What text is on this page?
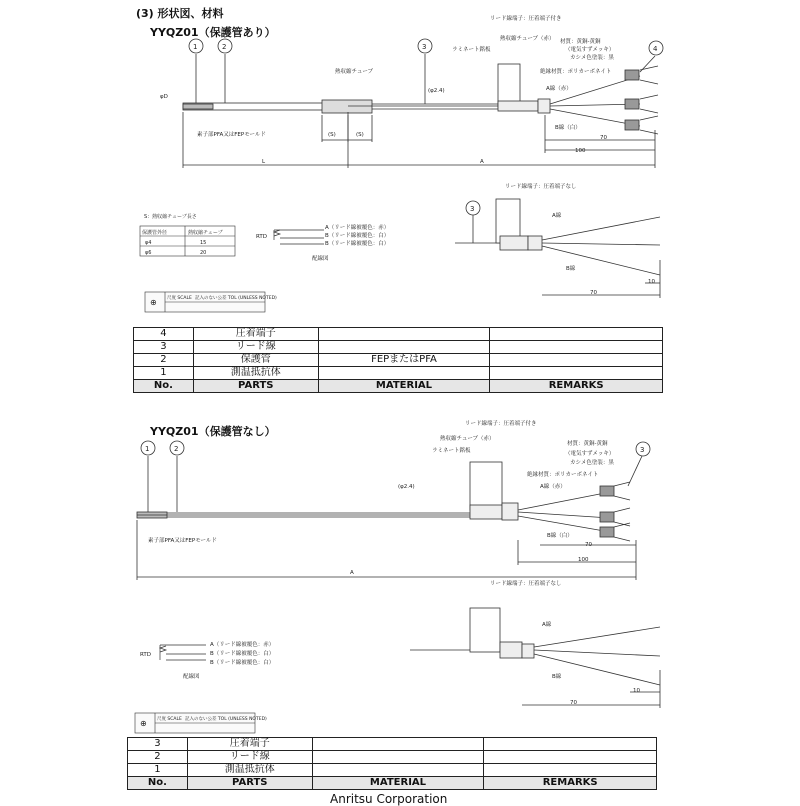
(3) 形状図、材料
YYQZ01（保護管あり）
1	2	3	4
リード線端子：圧着端子付き
熱収縮チューブ（赤）
ラミネート銘板
熱収縮チューブ
材質：黄銅-黄銅
（電気すずメッキ）
カシメ色塗装：黒
絶縁材質：ポリカーボネイト
A線（赤）
B線（白）
素子部PFA又はFEPモールド
φD
(φ2.4)
(S)	(S)
L	A
70
100
リード線端子：圧着端子なし
A線
B線
70
10
3
S：熱収縮チューブ長さ
保護管外径	熱収縮チューブ
φ4	15
φ6	20
RTD
A（リード線被覆色：赤）
B（リード線被覆色：白）
B（リード線被覆色：白）
配線図
1	2	3
リード線端子：圧着端子付き
熱収縮チューブ（赤）
ラミネート銘板
材質：黄銅-黄銅
（電気すずメッキ）
カシメ色塗装：黒
絶縁材質：ポリカーボネイト
A線（赤）
B線（白）
素子部PFA又はFEPモールド
(φ2.4)
A
70
100
リード線端子：圧着端子なし
A線
B線
70
10
RTD
A（リード線被覆色：赤）
B（リード線被覆色：白）
B（リード線被覆色：白）
配線図
尺度 SCALE 記入のない公差 TOL (UNLESS NOTED)
⊕
尺度 SCALE 記入のない公差 TOL (UNLESS NOTED)
⊕
YYQZ01（保護管なし）
4	圧着端子		
3	リード線		
2	保護管	FEPまたはPFA	
1	測温抵抗体		
No.	PARTS	MATERIAL	REMARKS
3	圧着端子		
2	リード線		
1	測温抵抗体		
No.	PARTS	MATERIAL	REMARKS
Anritsu Corporation
